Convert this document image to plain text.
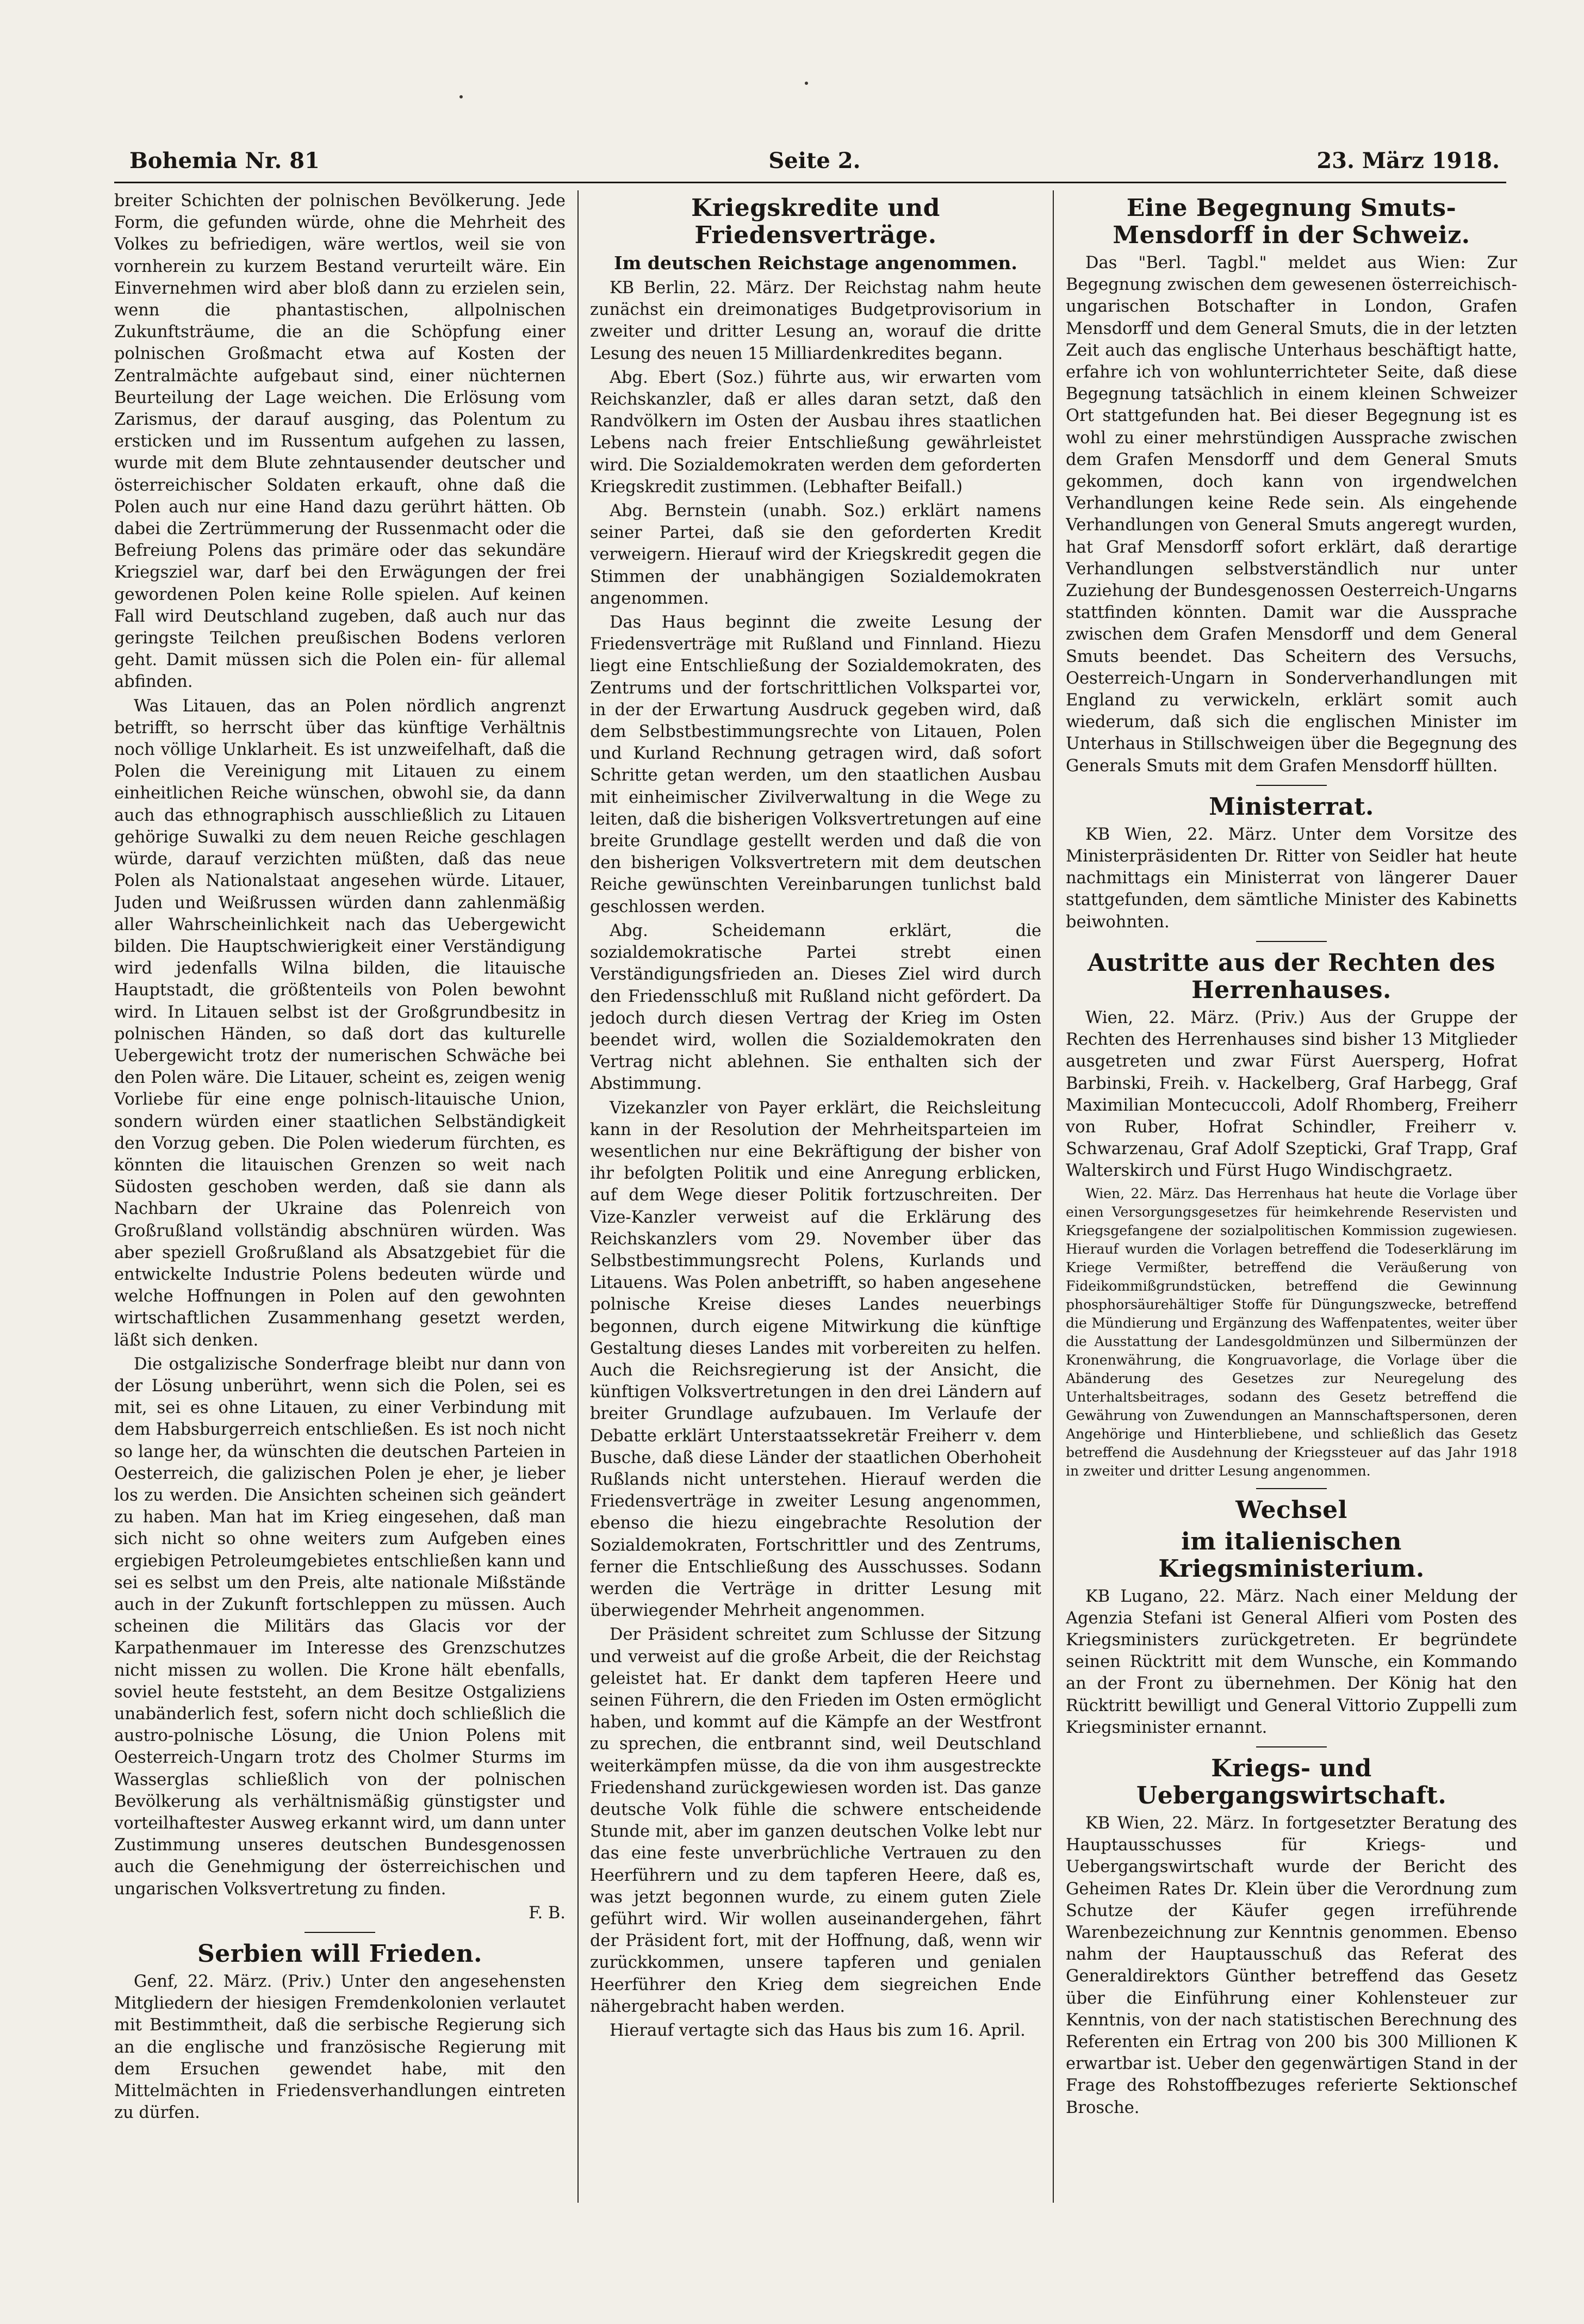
Bohemia Nr. 81	Seite 2.	23. März 1918.

breiter Schichten der polnischen Bevölkerung. Jede Form, die gefunden würde, ohne die Mehrheit des Volkes zu befriedigen, wäre wertlos, weil sie von vornherein zu kurzem Bestand verurteilt wäre. Ein Einvernehmen wird aber bloß dann zu erzielen sein, wenn die phantastischen, allpolnischen Zukunftsträume, die an die Schöpfung einer polnischen Großmacht etwa auf Kosten der Zentralmächte aufgebaut sind, einer nüchternen Beurteilung der Lage weichen. Die Erlösung vom Zarismus, der darauf ausging, das Polentum zu ersticken und im Russentum aufgehen zu lassen, wurde mit dem Blute zehntausender deutscher und österreichischer Soldaten erkauft, ohne daß die Polen auch nur eine Hand dazu gerührt hätten. Ob dabei die Zertrümmerung der Russenmacht oder die Befreiung Polens das primäre oder das sekundäre Kriegsziel war, darf bei den Erwägungen der frei gewordenen Polen keine Rolle spielen. Auf keinen Fall wird Deutschland zugeben, daß auch nur das geringste Teilchen preußischen Bodens verloren geht. Damit müssen sich die Polen ein- für allemal abfinden.

Was Litauen, das an Polen nördlich angrenzt betrifft, so herrscht über das künftige Verhältnis noch völlige Unklarheit. Es ist unzweifelhaft, daß die Polen die Vereinigung mit Litauen zu einem einheitlichen Reiche wünschen, obwohl sie, da dann auch das ethnographisch ausschließlich zu Litauen gehörige Suwalki zu dem neuen Reiche geschlagen würde, darauf verzichten müßten, daß das neue Polen als Nationalstaat angesehen würde. Litauer, Juden und Weißrussen würden dann zahlenmäßig aller Wahrscheinlichkeit nach das Uebergewicht bilden. Die Hauptschwierigkeit einer Verständigung wird jedenfalls Wilna bilden, die litauische Hauptstadt, die größtenteils von Polen bewohnt wird. In Litauen selbst ist der Großgrundbesitz in polnischen Händen, so daß dort das kulturelle Uebergewicht trotz der numerischen Schwäche bei den Polen wäre. Die Litauer, scheint es, zeigen wenig Vorliebe für eine enge polnisch-litauische Union, sondern würden einer staatlichen Selbständigkeit den Vorzug geben. Die Polen wiederum fürchten, es könnten die litauischen Grenzen so weit nach Südosten geschoben werden, daß sie dann als Nachbarn der Ukraine das Polenreich von Großrußland vollständig abschnüren würden. Was aber speziell Großrußland als Absatzgebiet für die entwickelte Industrie Polens bedeuten würde und welche Hoffnungen in Polen auf den gewohnten wirtschaftlichen Zusammenhang gesetzt werden, läßt sich denken.

Die ostgalizische Sonderfrage bleibt nur dann von der Lösung unberührt, wenn sich die Polen, sei es mit, sei es ohne Litauen, zu einer Verbindung mit dem Habsburgerreich entschließen. Es ist noch nicht so lange her, da wünschten die deutschen Parteien in Oesterreich, die galizischen Polen je eher, je lieber los zu werden. Die Ansichten scheinen sich geändert zu haben. Man hat im Krieg eingesehen, daß man sich nicht so ohne weiters zum Aufgeben eines ergiebigen Petroleumgebietes entschließen kann und sei es selbst um den Preis, alte nationale Mißstände auch in der Zukunft fortschleppen zu müssen. Auch scheinen die Militärs das Glacis vor der Karpathenmauer im Interesse des Grenzschutzes nicht missen zu wollen. Die Krone hält ebenfalls, soviel heute feststeht, an dem Besitze Ostgaliziens unabänderlich fest, sofern nicht doch schließlich die austro-polnische Lösung, die Union Polens mit Oesterreich-Ungarn trotz des Cholmer Sturms im Wasserglas schließlich von der polnischen Bevölkerung als verhältnismäßig günstigster und vorteilhaftester Ausweg erkannt wird, um dann unter Zustimmung unseres deutschen Bundesgenossen auch die Genehmigung der österreichischen und ungarischen Volksvertretung zu finden.

F. B.

Serbien will Frieden.

Genf, 22. März. (Priv.) Unter den angesehensten Mitgliedern der hiesigen Fremdenkolonien verlautet mit Bestimmtheit, daß die serbische Regierung sich an die englische und französische Regierung mit dem Ersuchen gewendet habe, mit den Mittelmächten in Friedensverhandlungen eintreten zu dürfen.

Kriegskredite und Friedensverträge.
Im deutschen Reichstage angenommen.

KB Berlin, 22. März. Der Reichstag nahm heute zunächst ein dreimonatiges Budgetprovisorium in zweiter und dritter Lesung an, worauf die dritte Lesung des neuen 15 Milliardenkredites begann.

Abg. Ebert (Soz.) führte aus, wir erwarten vom Reichskanzler, daß er alles daran setzt, daß den Randvölkern im Osten der Ausbau ihres staatlichen Lebens nach freier Entschließung gewährleistet wird. Die Sozialdemokraten werden dem geforderten Kriegskredit zustimmen. (Lebhafter Beifall.)

Abg. Bernstein (unabh. Soz.) erklärt namens seiner Partei, daß sie den geforderten Kredit verweigern. Hierauf wird der Kriegskredit gegen die Stimmen der unabhängigen Sozialdemokraten angenommen.

Das Haus beginnt die zweite Lesung der Friedensverträge mit Rußland und Finnland. Hiezu liegt eine Entschließung der Sozialdemokraten, des Zentrums und der fortschrittlichen Volkspartei vor, in der der Erwartung Ausdruck gegeben wird, daß dem Selbstbestimmungsrechte von Litauen, Polen und Kurland Rechnung getragen wird, daß sofort Schritte getan werden, um den staatlichen Ausbau mit einheimischer Zivilverwaltung in die Wege zu leiten, daß die bisherigen Volksvertretungen auf eine breite Grundlage gestellt werden und daß die von den bisherigen Volksvertretern mit dem deutschen Reiche gewünschten Vereinbarungen tunlichst bald geschlossen werden.

Abg. Scheidemann erklärt, die sozialdemokratische Partei strebt einen Verständigungsfrieden an. Dieses Ziel wird durch den Friedensschluß mit Rußland nicht gefördert. Da jedoch durch diesen Vertrag der Krieg im Osten beendet wird, wollen die Sozialdemokraten den Vertrag nicht ablehnen. Sie enthalten sich der Abstimmung.

Vizekanzler von Payer erklärt, die Reichsleitung kann in der Resolution der Mehrheitsparteien im wesentlichen nur eine Bekräftigung der bisher von ihr befolgten Politik und eine Anregung erblicken, auf dem Wege dieser Politik fortzuschreiten. Der Vize-Kanzler verweist auf die Erklärung des Reichskanzlers vom 29. November über das Selbstbestimmungsrecht Polens, Kurlands und Litauens. Was Polen anbetrifft, so haben angesehene polnische Kreise dieses Landes neuerbings begonnen, durch eigene Mitwirkung die künftige Gestaltung dieses Landes mit vorbereiten zu helfen. Auch die Reichsregierung ist der Ansicht, die künftigen Volksvertretungen in den drei Ländern auf breiter Grundlage aufzubauen. Im Verlaufe der Debatte erklärt Unterstaatssekretär Freiherr v. dem Busche, daß diese Länder der staatlichen Oberhoheit Rußlands nicht unterstehen. Hierauf werden die Friedensverträge in zweiter Lesung angenommen, ebenso die hiezu eingebrachte Resolution der Sozialdemokraten, Fortschrittler und des Zentrums, ferner die Entschließung des Ausschusses. Sodann werden die Verträge in dritter Lesung mit überwiegender Mehrheit angenommen.

Der Präsident schreitet zum Schlusse der Sitzung und verweist auf die große Arbeit, die der Reichstag geleistet hat. Er dankt dem tapferen Heere und seinen Führern, die den Frieden im Osten ermöglicht haben, und kommt auf die Kämpfe an der Westfront zu sprechen, die entbrannt sind, weil Deutschland weiterkämpfen müsse, da die von ihm ausgestreckte Friedenshand zurückgewiesen worden ist. Das ganze deutsche Volk fühle die schwere entscheidende Stunde mit, aber im ganzen deutschen Volke lebt nur das eine feste unverbrüchliche Vertrauen zu den Heerführern und zu dem tapferen Heere, daß es, was jetzt begonnen wurde, zu einem guten Ziele geführt wird. Wir wollen auseinandergehen, fährt der Präsident fort, mit der Hoffnung, daß, wenn wir zurückkommen, unsere tapferen und genialen Heerführer den Krieg dem siegreichen Ende nähergebracht haben werden.

Hierauf vertagte sich das Haus bis zum 16. April.

Eine Begegnung Smuts-Mensdorff in der Schweiz.

Das "Berl. Tagbl." meldet aus Wien: Zur Begegnung zwischen dem gewesenen österreichisch-ungarischen Botschafter in London, Grafen Mensdorff und dem General Smuts, die in der letzten Zeit auch das englische Unterhaus beschäftigt hatte, erfahre ich von wohlunterrichteter Seite, daß diese Begegnung tatsächlich in einem kleinen Schweizer Ort stattgefunden hat. Bei dieser Begegnung ist es wohl zu einer mehrstündigen Aussprache zwischen dem Grafen Mensdorff und dem General Smuts gekommen, doch kann von irgendwelchen Verhandlungen keine Rede sein. Als eingehende Verhandlungen von General Smuts angeregt wurden, hat Graf Mensdorff sofort erklärt, daß derartige Verhandlungen selbstverständlich nur unter Zuziehung der Bundesgenossen Oesterreich-Ungarns stattfinden könnten. Damit war die Aussprache zwischen dem Grafen Mensdorff und dem General Smuts beendet. Das Scheitern des Versuchs, Oesterreich-Ungarn in Sonderverhandlungen mit England zu verwickeln, erklärt somit auch wiederum, daß sich die englischen Minister im Unterhaus in Stillschweigen über die Begegnung des Generals Smuts mit dem Grafen Mensdorff hüllten.

Ministerrat.

KB Wien, 22. März. Unter dem Vorsitze des Ministerpräsidenten Dr. Ritter von Seidler hat heute nachmittags ein Ministerrat von längerer Dauer stattgefunden, dem sämtliche Minister des Kabinetts beiwohnten.

Austritte aus der Rechten des Herrenhauses.

Wien, 22. März. (Priv.) Aus der Gruppe der Rechten des Herrenhauses sind bisher 13 Mitglieder ausgetreten und zwar Fürst Auersperg, Hofrat Barbinski, Freih. v. Hackelberg, Graf Harbegg, Graf Maximilian Montecuccoli, Adolf Rhomberg, Freiherr von Ruber, Hofrat Schindler, Freiherr v. Schwarzenau, Graf Adolf Szepticki, Graf Trapp, Graf Walterskirch und Fürst Hugo Windischgraetz.

Wien, 22. März. Das Herrenhaus hat heute die Vorlage über einen Versorgungsgesetzes für heimkehrende Reservisten und Kriegsgefangene der sozialpolitischen Kommission zugewiesen. Hierauf wurden die Vorlagen betreffend die Todeserklärung im Kriege Vermißter, betreffend die Veräußerung von Fideikommißgrundstücken, betreffend die Gewinnung phosphorsäurehältiger Stoffe für Düngungszwecke, betreffend die Mündierung und Ergänzung des Waffenpatentes, weiter über die Ausstattung der Landesgoldmünzen und Silbermünzen der Kronenwährung, die Kongruavorlage, die Vorlage über die Abänderung des Gesetzes zur Neuregelung des Unterhaltsbeitrages, sodann des Gesetz betreffend die Gewährung von Zuwendungen an Mannschaftspersonen, deren Angehörige und Hinterbliebene, und schließlich das Gesetz betreffend die Ausdehnung der Kriegssteuer auf das Jahr 1918 in zweiter und dritter Lesung angenommen.

Wechsel
im italienischen Kriegsministerium.

KB Lugano, 22. März. Nach einer Meldung der Agenzia Stefani ist General Alfieri vom Posten des Kriegsministers zurückgetreten. Er begründete seinen Rücktritt mit dem Wunsche, ein Kommando an der Front zu übernehmen. Der König hat den Rücktritt bewilligt und General Vittorio Zuppelli zum Kriegsminister ernannt.

Kriegs- und Uebergangswirtschaft.

KB Wien, 22. März. In fortgesetzter Beratung des Hauptausschusses für Kriegs- und Uebergangswirtschaft wurde der Bericht des Geheimen Rates Dr. Klein über die Verordnung zum Schutze der Käufer gegen irreführende Warenbezeichnung zur Kenntnis genommen. Ebenso nahm der Hauptausschuß das Referat des Generaldirektors Günther betreffend das Gesetz über die Einführung einer Kohlensteuer zur Kenntnis, von der nach statistischen Berechnung des Referenten ein Ertrag von 200 bis 300 Millionen K erwartbar ist. Ueber den gegenwärtigen Stand in der Frage des Rohstoffbezuges referierte Sektionschef Brosche.
